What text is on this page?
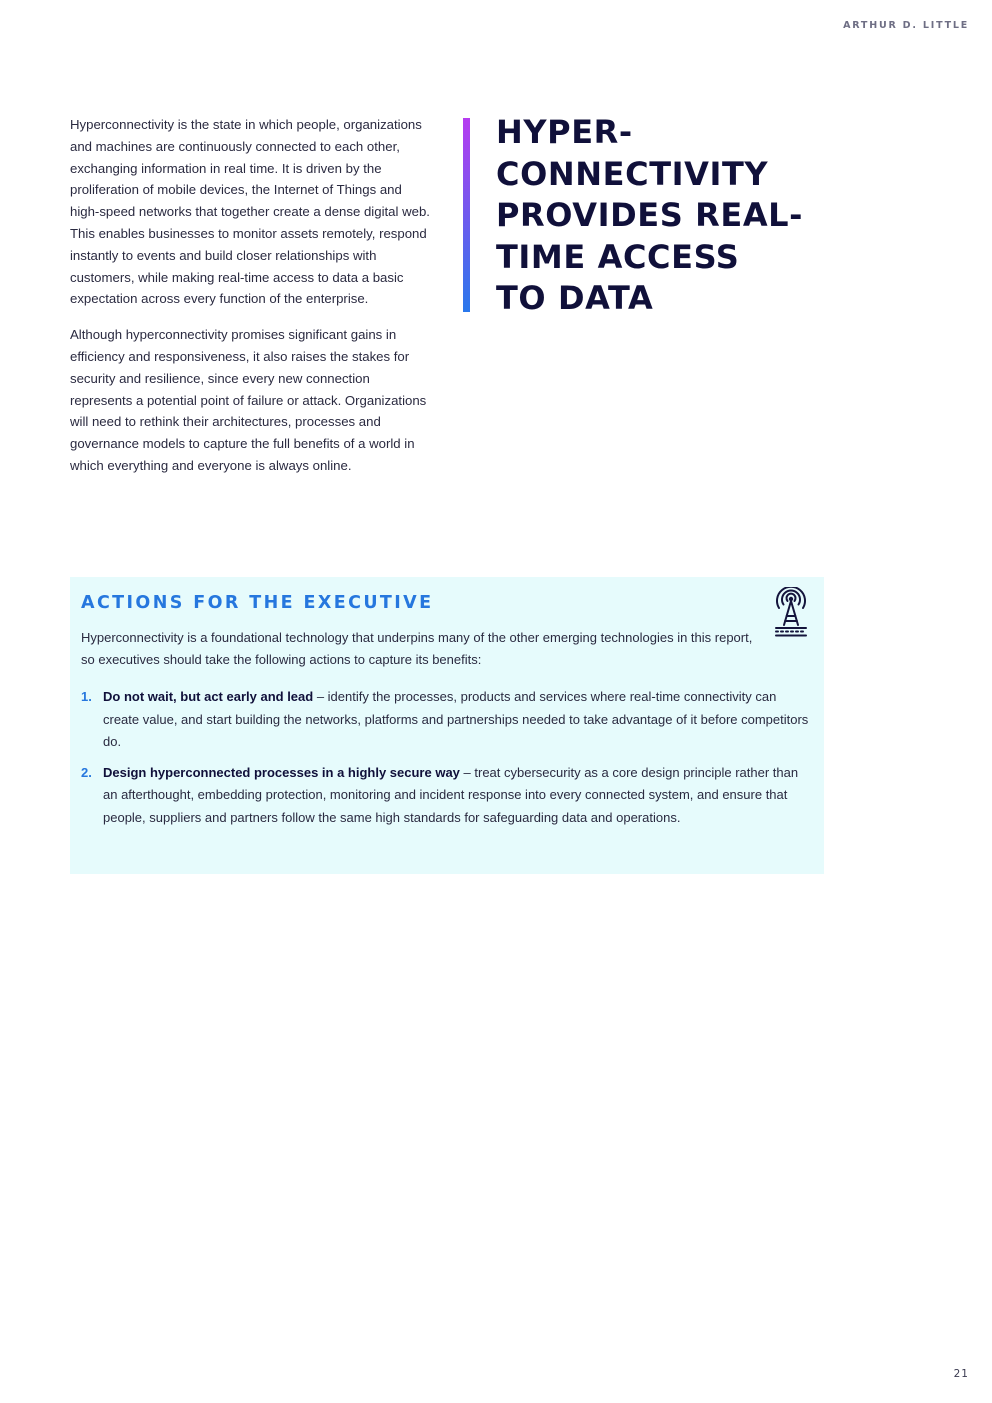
ARTHUR D. LITTLE

Hyperconnectivity is the state in which people, organizations and machines are continuously connected to each other, exchanging information in real time. It is driven by the proliferation of mobile devices, the Internet of Things and high-speed networks that together create a dense digital web. This enables businesses to monitor assets remotely, respond instantly to events and build closer relationships with customers, while making real-time access to data a basic expectation across every function of the enterprise.

Although hyperconnectivity promises significant gains in efficiency and responsiveness, it also raises the stakes for security and resilience, since every new connection represents a potential point of failure or attack. Organizations will need to rethink their architectures, processes and governance models to capture the full benefits of a world in which everything and everyone is always online.

HYPER-
CONNECTIVITY
PROVIDES REAL-
TIME ACCESS
TO DATA
ACTIONS FOR THE EXECUTIVE

Hyperconnectivity is a foundational technology that underpins many of the other emerging technologies in this report, so executives should take the following actions to capture its benefits:

1. Do not wait, but act early and lead – identify the processes, products and services where real-time connectivity can create value, and start building the networks, platforms and partnerships needed to take advantage of it before competitors do.
2. Design hyperconnected processes in a highly secure way – treat cybersecurity as a core design principle rather than an afterthought, embedding protection, monitoring and incident response into every connected system, and ensure that people, suppliers and partners follow the same high standards for safeguarding data and operations.
21
